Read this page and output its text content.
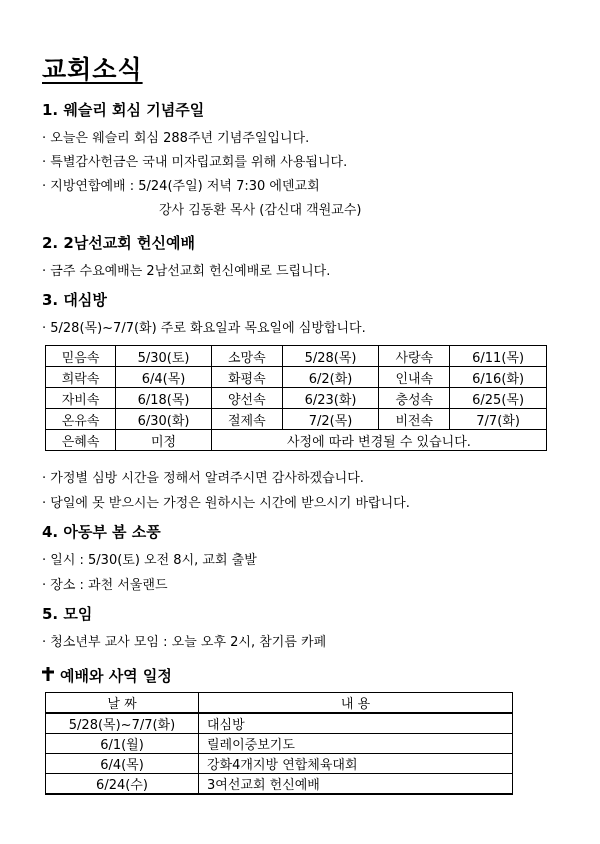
교회소식
1. 웨슬리 회심 기념주일
· 오늘은 웨슬리 회심 288주년 기념주일입니다.
· 특별감사헌금은 국내 미자립교회를 위해 사용됩니다.
· 지방연합예배 : 5/24(주일) 저녁 7:30 에덴교회
강사 김동환 목사 (감신대 객원교수)
2. 2남선교회 헌신예배
· 금주 수요예배는 2남선교회 헌신예배로 드립니다.
3. 대심방
· 5/28(목)~7/7(화) 주로 화요일과 목요일에 심방합니다.
믿음속	5/30(토)	소망속	5/28(목)	사랑속	6/11(목)
희락속	6/4(목)	화평속	6/2(화)	인내속	6/16(화)
자비속	6/18(목)	양선속	6/23(화)	충성속	6/25(목)
온유속	6/30(화)	절제속	7/2(목)	비전속	7/7(화)
은혜속	미정	사정에 따라 변경될 수 있습니다.			
· 가정별 심방 시간을 정해서 알려주시면 감사하겠습니다.
· 당일에 못 받으시는 가정은 원하시는 시간에 받으시기 바랍니다.
4. 아동부 봄 소풍
· 일시 : 5/30(토) 오전 8시, 교회 출발
· 장소 : 과천 서울랜드
5. 모임
· 청소년부 교사 모임 : 오늘 오후 2시, 참기름 카페
예배와 사역 일정
날 짜	내 용
5/28(목)~7/7(화)	대심방
6/1(월)	릴레이중보기도
6/4(목)	강화4개지방 연합체육대회
6/24(수)	3여선교회 헌신예배
